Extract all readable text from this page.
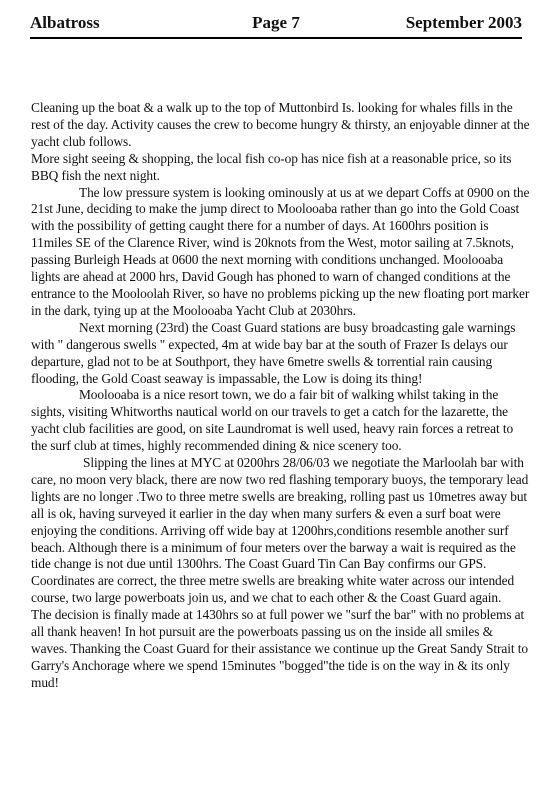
Albatross	Page 7	September 2003

Cleaning up the boat & a walk up to the top of Muttonbird Is. looking for whales fills in the rest of the day. Activity causes the crew to become hungry & thirsty, an enjoyable dinner at the yacht club follows.

More sight seeing & shopping, the local fish co-op has nice fish at a reasonable price, so its BBQ fish the next night.

The low pressure system is looking ominously at us at we depart Coffs at 0900 on the 21st June, deciding to make the jump direct to Moolooaba rather than go into the Gold Coast with the possibility of getting caught there for a number of days. At 1600hrs position is 11miles SE of the Clarence River, wind is 20knots from the West, motor sailing at 7.5knots, passing Burleigh Heads at 0600 the next morning with conditions unchanged. Moolooaba lights are ahead at 2000 hrs, David Gough has phoned to warn of changed conditions at the entrance to the Mooloolah River, so have no problems picking up the new floating port marker in the dark, tying up at the Moolooaba Yacht Club at 2030hrs.

Next morning (23rd) the Coast Guard stations are busy broadcasting gale warnings with " dangerous swells " expected, 4m at wide bay bar at the south of Frazer Is delays our departure, glad not to be at Southport, they have 6metre swells & torrential rain causing flooding, the Gold Coast seaway is impassable, the Low is doing its thing!

Moolooaba is a nice resort town, we do a fair bit of walking whilst taking in the sights, visiting Whitworths nautical world on our travels to get a catch for the lazarette, the yacht club facilities are good, on site Laundromat is well used, heavy rain forces a retreat to the surf club at times, highly recommended dining & nice scenery too.

Slipping the lines at MYC at 0200hrs 28/06/03 we negotiate the Marloolah bar with care, no moon very black, there are now two red flashing temporary buoys, the temporary lead lights are no longer .Two to three metre swells are breaking, rolling past us 10metres away but all is ok, having surveyed it earlier in the day when many surfers & even a surf boat were enjoying the conditions. Arriving off wide bay at 1200hrs,conditions resemble another surf beach. Although there is a minimum of four meters over the barway a wait is required as the tide change is not due until 1300hrs. The Coast Guard Tin Can Bay confirms our GPS. Coordinates are correct, the three metre swells are breaking white water across our intended course, two large powerboats join us, and we chat to each other & the Coast Guard again.

The decision is finally made at 1430hrs so at full power we "surf the bar" with no problems at all thank heaven! In hot pursuit are the powerboats passing us on the inside all smiles & waves. Thanking the Coast Guard for their assistance we continue up the Great Sandy Strait to Garry's Anchorage where we spend 15minutes "bogged"the tide is on the way in & its only mud!
